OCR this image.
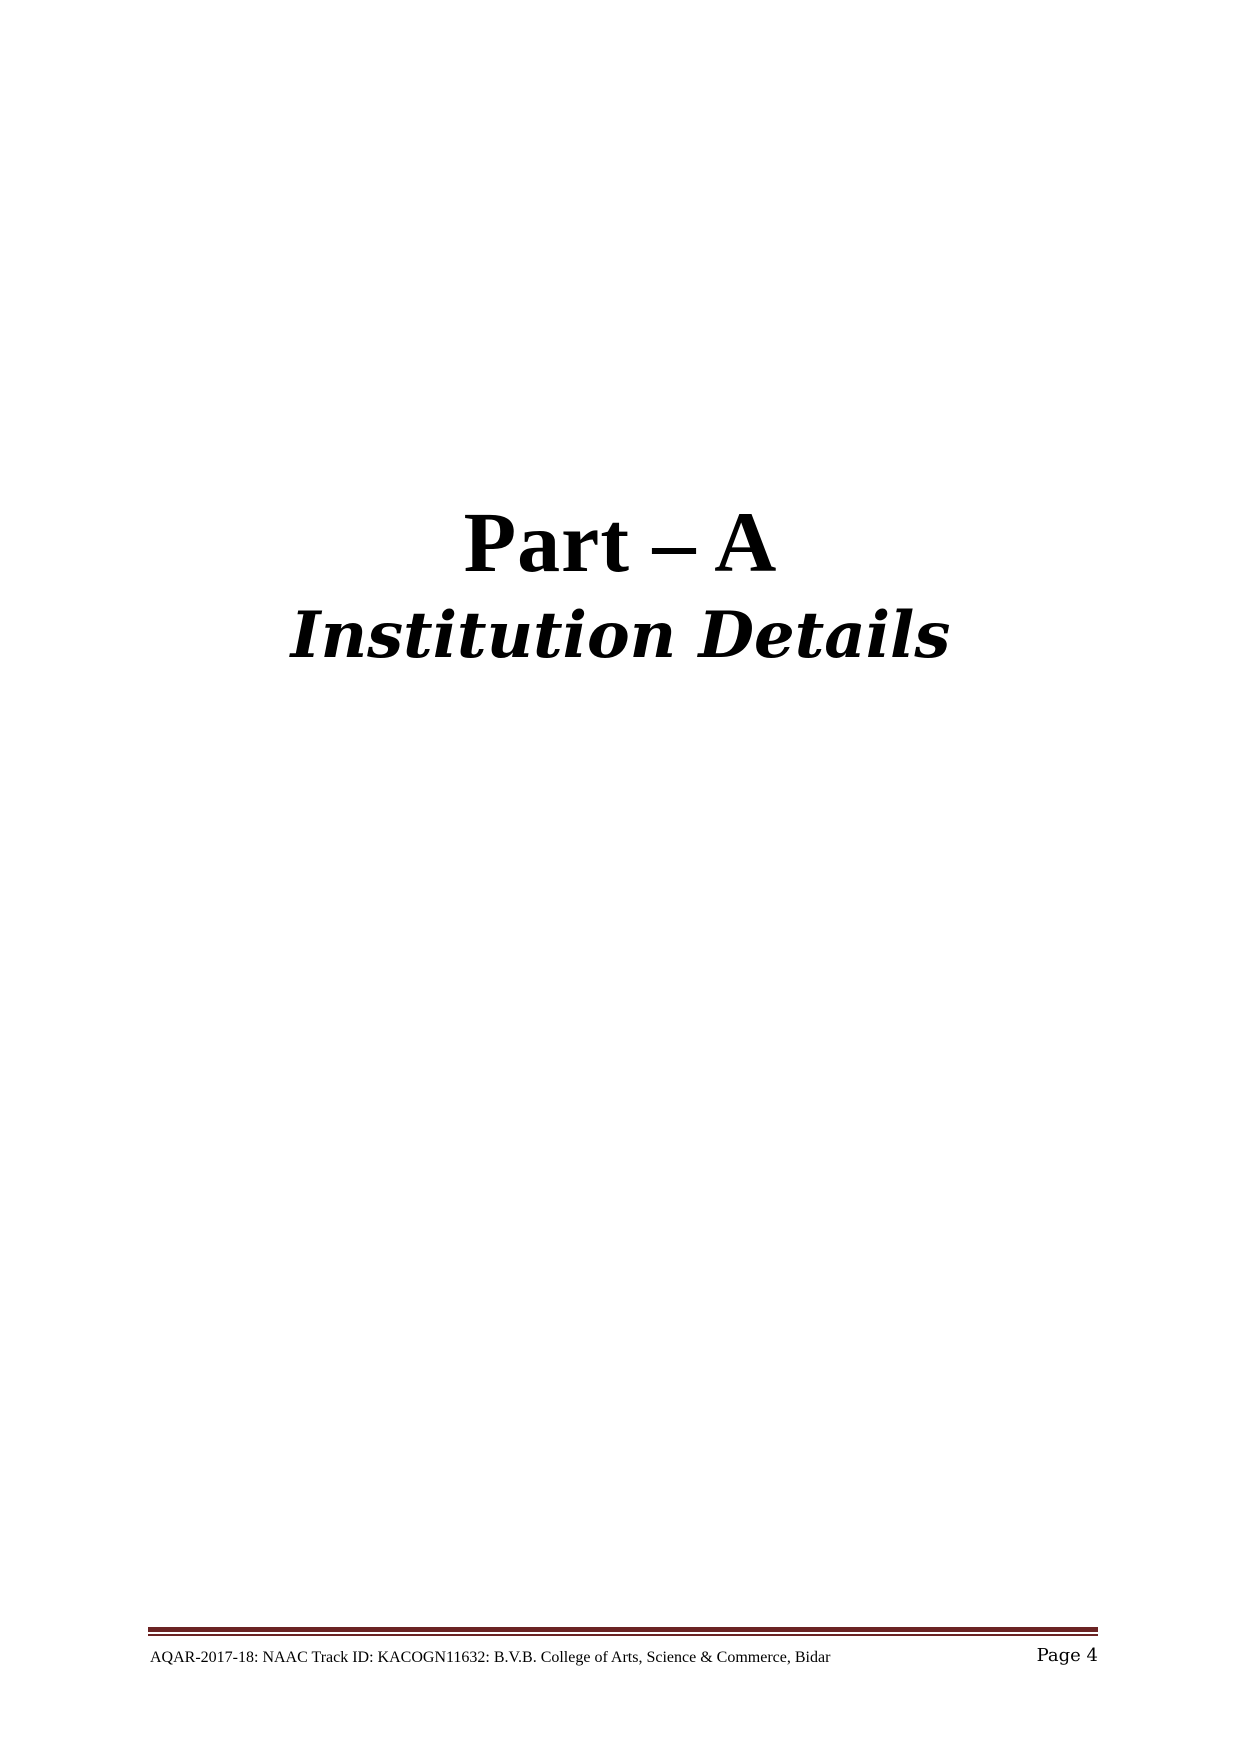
Part – A
Institution Details
AQAR-2017-18: NAAC Track ID: KACOGN11632: B.V.B. College of Arts, Science & Commerce, Bidar	Page 4
